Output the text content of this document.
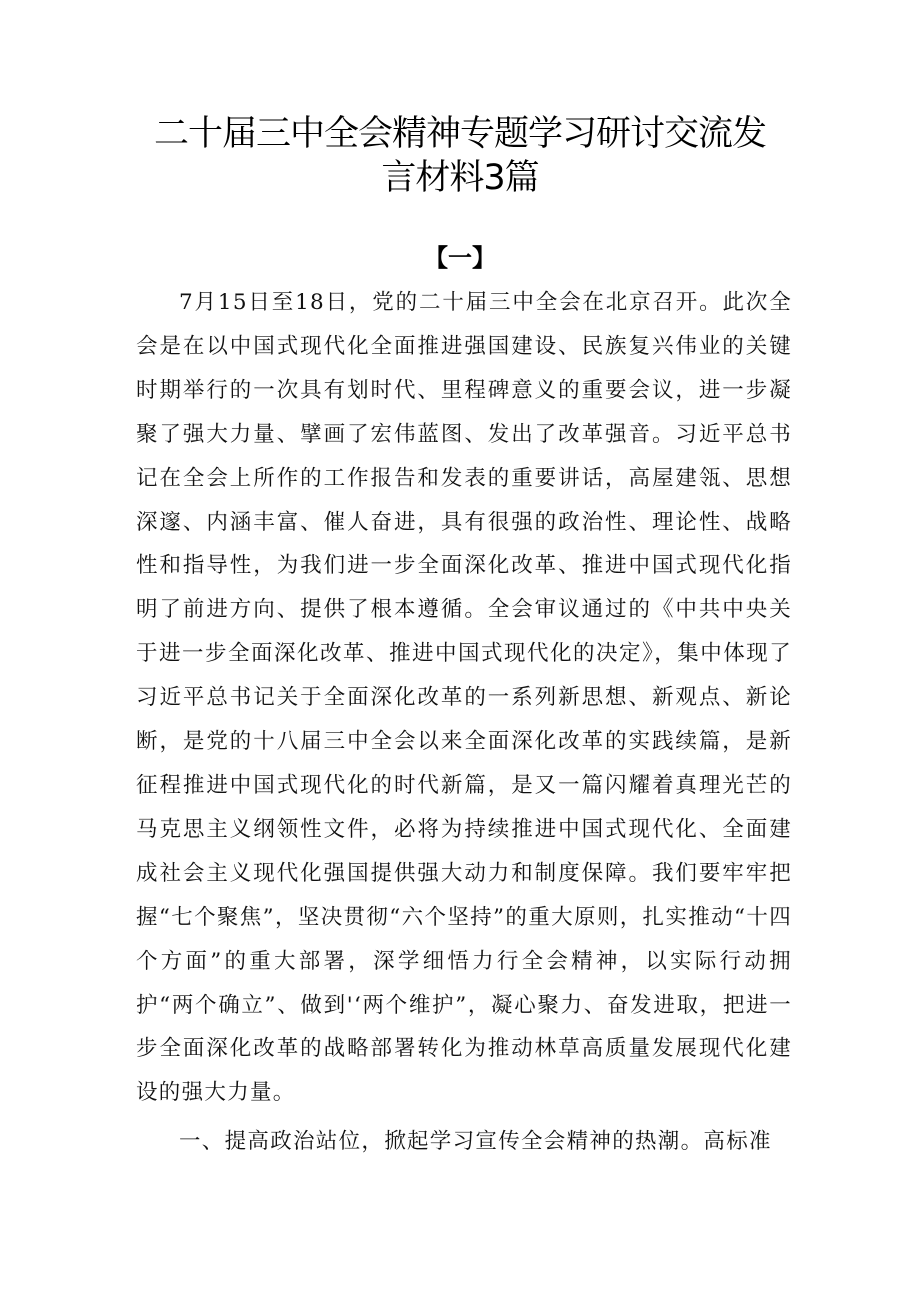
二十届三中全会精神专题学习研讨交流发
言材料3篇
【一】

7月15日至18日，党的二十届三中全会在北京召开。此次全会是在以中国式现代化全面推进强国建设、民族复兴伟业的关键时期举行的一次具有划时代、里程碑意义的重要会议，进一步凝聚了强大力量、擘画了宏伟蓝图、发出了改革强音。习近平总书记在全会上所作的工作报告和发表的重要讲话，高屋建瓴、思想深邃、内涵丰富、催人奋进，具有很强的政治性、理论性、战略性和指导性，为我们进一步全面深化改革、推进中国式现代化指明了前进方向、提供了根本遵循。全会审议通过的《中共中央关于进一步全面深化改革、推进中国式现代化的决定》，集中体现了习近平总书记关于全面深化改革的一系列新思想、新观点、新论断，是党的十八届三中全会以来全面深化改革的实践续篇，是新征程推进中国式现代化的时代新篇，是又一篇闪耀着真理光芒的马克思主义纲领性文件，必将为持续推进中国式现代化、全面建成社会主义现代化强国提供强大动力和制度保障。我们要牢牢把握“七个聚焦”，坚决贯彻“六个坚持”的重大原则，扎实推动“十四个方面”的重大部署，深学细悟力行全会精神，以实际行动拥护“两个确立”、做到'‘两个维护”，凝心聚力、奋发进取，把进一步全面深化改革的战略部署转化为推动林草高质量发展现代化建设的强大力量。

一、提高政治站位，掀起学习宣传全会精神的热潮。高标准
